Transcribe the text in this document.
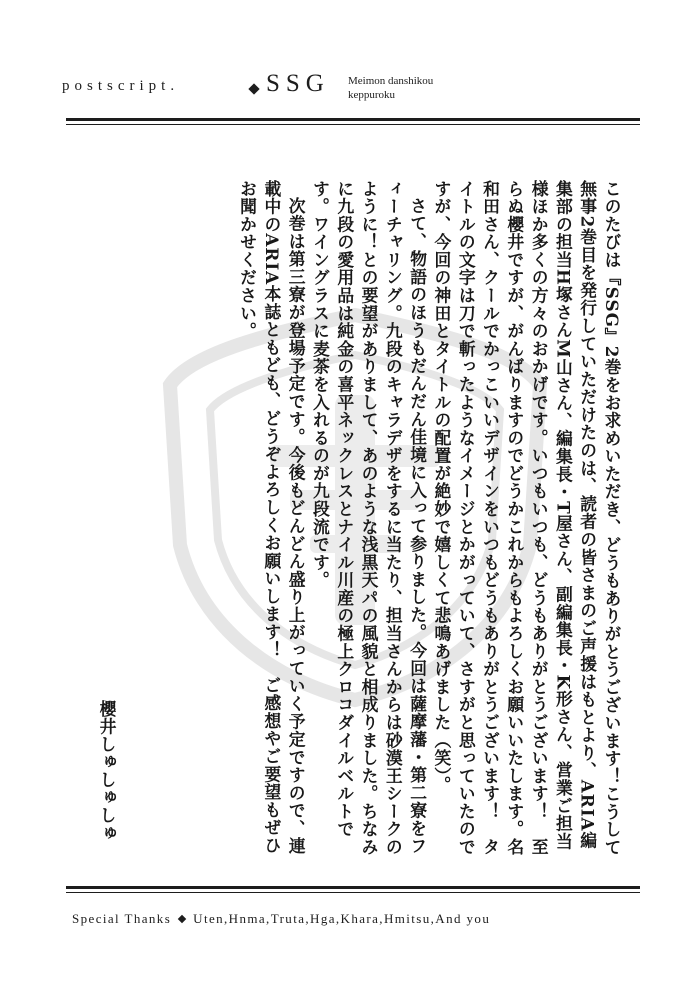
postscript.	SSG Meimon danshikou
keppuroku

このたびは『SSG』2巻をお求めいただき、どうもありがとうございます！こうして無事2巻目を発行していただけたのは、読者の皆さまのご声援はもとより、ARIA編集部の担当H塚さんM山さん、編集長・T屋さん、副編集長・K形さん、営業ご担当様ほか多くの方々のおかげです。いつもいつも、どうもありがとうございます！　至らぬ櫻井ですが、がんばりますのでどうかこれからもよろしくお願いいたします。名和田さん、クールでかっこいいデザインをいつもどうもありがとうございます！　タイトルの文字は刀で斬ったようなイメージとかがっていて、さすがと思っていたのですが、今回の神田とタイトルの配置が絶妙で嬉しくて悲鳴あげました（笑）。

さて、物語のほうもだんだん佳境に入って参りました。今回は薩摩藩・第二寮をフィーチャリング。九段のキャラデザをするに当たり、担当さんからは砂漠王シークのように！との要望がありまして、あのような浅黒天パの風貌と相成りました。ちなみに九段の愛用品は純金の喜平ネックレスとナイル川産の極上クロコダイルベルトです。ワイングラスに麦茶を入れるのが九段流です。

次巻は第三寮が登場予定です。今後もどんどん盛り上がっていく予定ですので、連載中のARIA本誌ともども、どうぞよろしくお願いします！　ご感想やご要望もぜひお聞かせください。

櫻井しゅしゅしゅ
Special Thanks Uten,Hnma,Truta,Hga,Khara,Hmitsu,And you
